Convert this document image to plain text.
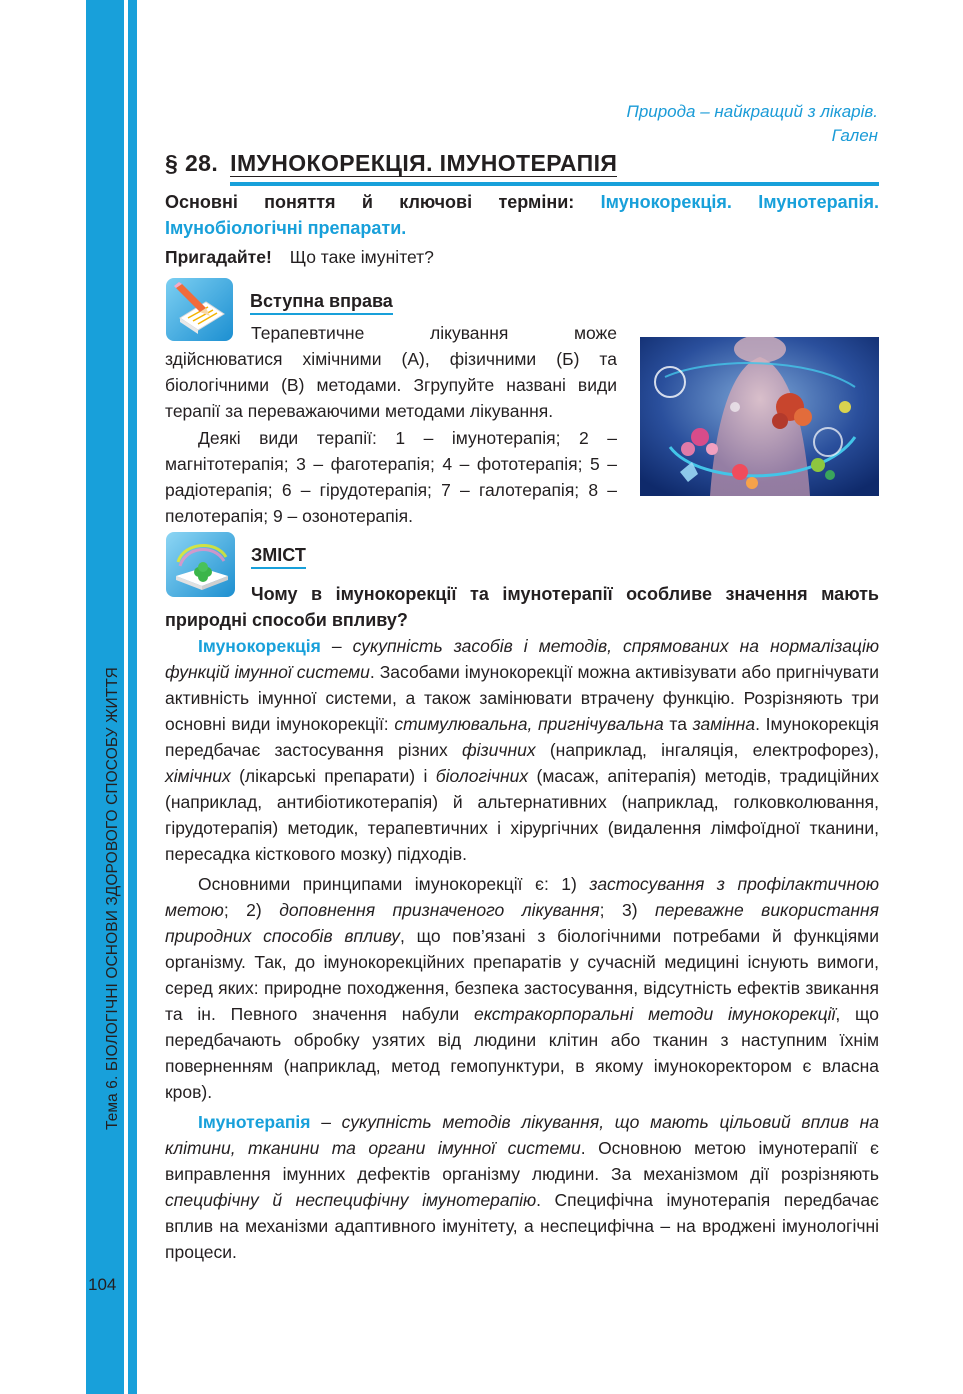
Тема 6. БІОЛОГІЧНІ ОСНОВИ ЗДОРОВОГО СПОСОБУ ЖИТТЯ
104
Природа – найкращий з лікарів.
Гален
§ 28. ІМУНОКОРЕКЦІЯ. ІМУНОТЕРАПІЯ
Основні поняття й ключові терміни: Імунокорекція. Імунотерапія. Імунобіологічні препарати.
Пригадайте! Що таке імунітет?
Вступна вправа
Терапевтичне лікування може здійснюватися хімічними (А), фізичними (Б) та біологічними (В) методами. Згрупуйте названі види терапії за переважаючими методами лікування.
Деякі види терапії: 1 – імунотерапія; 2 – магнітотерапія; 3 – фаготерапія; 4 – фототерапія; 5 – радіотерапія; 6 – гірудотерапія; 7 – галотерапія; 8 – пелотерапія; 9 – озонотерапія.
ЗМІСТ
Чому в імунокорекції та імунотерапії особливе значення мають природні способи впливу?

Імунокорекція – сукупність засобів і методів, спрямованих на нормалізацію функцій імунної системи. Засобами імунокорекції можна активізувати або пригнічувати активність імунної системи, а також замінювати втрачену функцію. Розрізняють три основні види імунокорекції: стимулювальна, пригнічувальна та замінна. Імунокорекція передбачає застосування різних фізичних (наприклад, інгаляція, електрофорез), хімічних (лікарські препарати) і біологічних (масаж, апітерапія) методів, традиційних (наприклад, антибіотикотерапія) й альтернативних (наприклад, голковколювання, гірудотерапія) методик, терапевтичних і хірургічних (видалення лімфоїдної тканини, пересадка кісткового мозку) підходів.

Основними принципами імунокорекції є: 1) застосування з профілактичною метою; 2) доповнення призначеного лікування; 3) переважне використання природних способів впливу, що пов’язані з біологічними потребами й функціями організму. Так, до імунокорекційних препаратів у сучасній медицині існують вимоги, серед яких: природне походження, безпека застосування, відсутність ефектів звикання та ін. Певного значення набули екстракорпоральні методи імунокорекції, що передбачають обробку узятих від людини клітин або тканин з наступним їхнім поверненням (наприклад, метод гемопунктури, в якому імунокоректором є власна кров).

Імунотерапія – сукупність методів лікування, що мають цільовий вплив на клітини, тканини та органи імунної системи. Основною метою імунотерапії є виправлення імунних дефектів організму людини. За механізмом дії розрізняють специфічну й неспецифічну імунотерапію. Специфічна імунотерапія передбачає вплив на механізми адаптивного імунітету, а неспецифічна – на вроджені імунологічні процеси.
